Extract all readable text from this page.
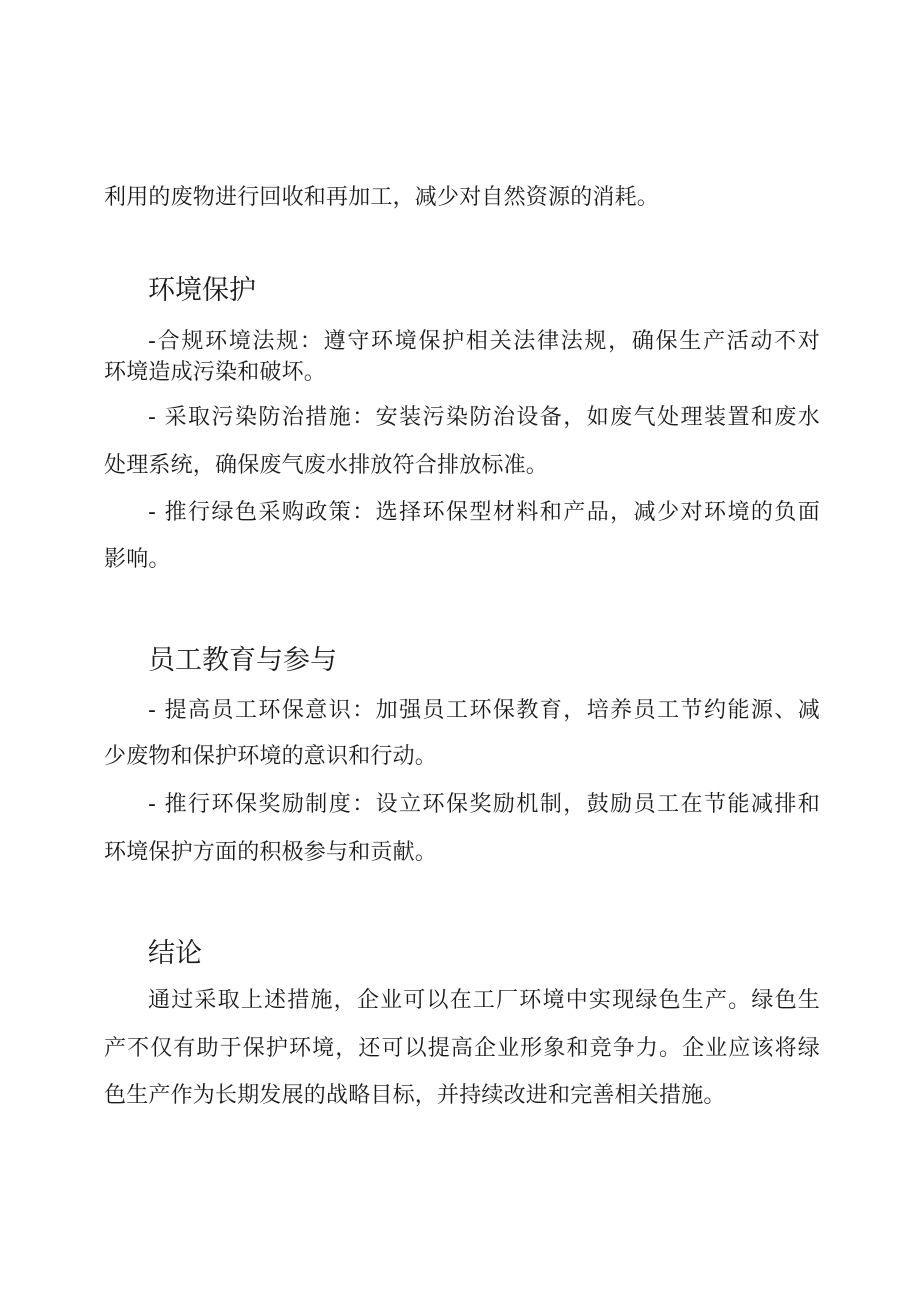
利用的废物进行回收和再加工，减少对自然资源的消耗。
环境保护
-合规环境法规：遵守环境保护相关法律法规，确保生产活动不对
环境造成污染和破坏。
- 采取污染防治措施：安装污染防治设备，如废气处理装置和废水
处理系统，确保废气废水排放符合排放标准。
- 推行绿色采购政策：选择环保型材料和产品，减少对环境的负面
影响。
员工教育与参与
- 提高员工环保意识：加强员工环保教育，培养员工节约能源、减
少废物和保护环境的意识和行动。
- 推行环保奖励制度：设立环保奖励机制，鼓励员工在节能减排和
环境保护方面的积极参与和贡献。
结论
通过采取上述措施，企业可以在工厂环境中实现绿色生产。绿色生
产不仅有助于保护环境，还可以提高企业形象和竞争力。企业应该将绿
色生产作为长期发展的战略目标，并持续改进和完善相关措施。
